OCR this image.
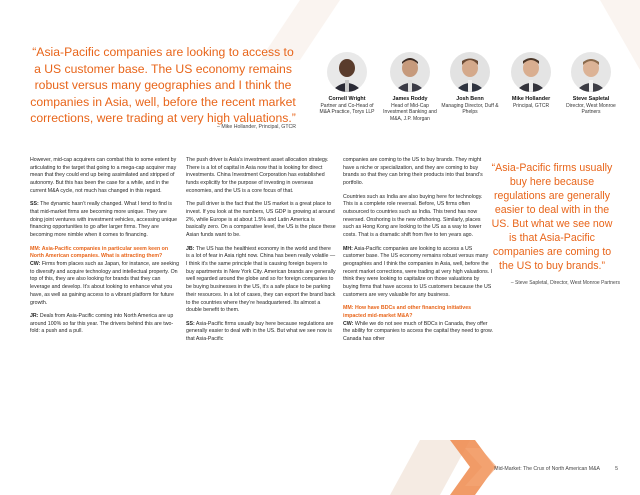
“Asia-Pacific companies are looking to access to a US customer base. The US economy remains robust versus many geographies and I think the companies in Asia, well, before the recent market corrections, were trading at very high valuations.”
– Mike Hollander, Principal, GTCR
Cornell Wright
Partner and Co-Head of M&A Practice, Torys LLP
James Roddy
Head of Mid-Cap Investment Banking and M&A, J.P. Morgan
Josh Benn
Managing Director, Duff & Phelps
Mike Hollander
Principal, GTCR
Steve Sapletal
Director, West Monroe Partners

However, mid-cap acquirers can combat this to some extent by articulating to the target that going to a mega-cap acquirer may mean that they could end up being assimilated and stripped of autonomy. But this has been the case for a while, and in the current M&A cycle, not much has changed in this regard.

SS: The dynamic hasn’t really changed. What I tend to find is that mid-market firms are becoming more unique. They are doing joint ventures with investment vehicles, accessing unique financing opportunities to go after larger firms. They are becoming more nimble when it comes to financing.

MM: Asia-Pacific companies in particular seem keen on North American companies. What is attracting them?
CW: Firms from places such as Japan, for instance, are seeking to diversify and acquire technology and intellectual property. On top of this, they are also looking for brands that they can leverage and develop. It’s about looking to enhance what you have, as well as gaining access to a vibrant platform for future growth.

JR: Deals from Asia-Pacific coming into North America are up around 100% so far this year. The drivers behind this are two-fold: a push and a pull.

The push driver is Asia’s investment asset allocation strategy. There is a lot of capital in Asia now that is looking for direct investments. China Investment Corporation has established funds explicitly for the purpose of investing in overseas economies, and the US is a core focus of that.

The pull driver is the fact that the US market is a great place to invest. If you look at the numbers, US GDP is growing at around 2%, while Europe is at about 1.5% and Latin America is basically zero. On a comparative level, the US is the place these Asian funds want to be.

JB: The US has the healthiest economy in the world and there is a lot of fear in Asia right now. China has been really volatile — I think it’s the same principle that is causing foreign buyers to buy apartments in New York City. American brands are generally well regarded around the globe and so for foreign companies to be buying businesses in the US, it’s a safe place to be parking their resources. In a lot of cases, they can export the brand back to the countries where they’re headquartered. Its almost a double benefit to them.

SS: Asia-Pacific firms usually buy here because regulations are generally easier to deal with in the US. But what we see now is that Asia-Pacific

companies are coming to the US to buy brands. They might have a niche or specialization, and they are coming to buy brands so that they can bring their products into that brand’s portfolio.

Countries such as India are also buying here for technology. This is a complete role reversal. Before, US firms often outsourced to countries such as India. This trend has now reversed. Onshoring is the new offshoring. Similarly, places such as Hong Kong are looking to the US as a way to lower costs. That is a dramatic shift from five to ten years ago.

MH: Asia-Pacific companies are looking to access a US customer base. The US economy remains robust versus many geographies and I think the companies in Asia, well, before the recent market corrections, were trading at very high valuations. I think they were looking to capitalize on those valuations by buying firms that have access to US customers because the US customers are very valuable for any business.

MM: How have BDCs and other financing initiatives impacted mid-market M&A?
CW: While we do not see much of BDCs in Canada, they offer the ability for companies to access the capital they need to grow. Canada has other

“Asia-Pacific firms usually buy here because regulations are generally easier to deal with in the US. But what we see now is that Asia-Pacific companies are coming to the US to buy brands.”
– Steve Sapletal, Director, West Monroe Partners
Mid-Market: The Crux of North American M&A	5
